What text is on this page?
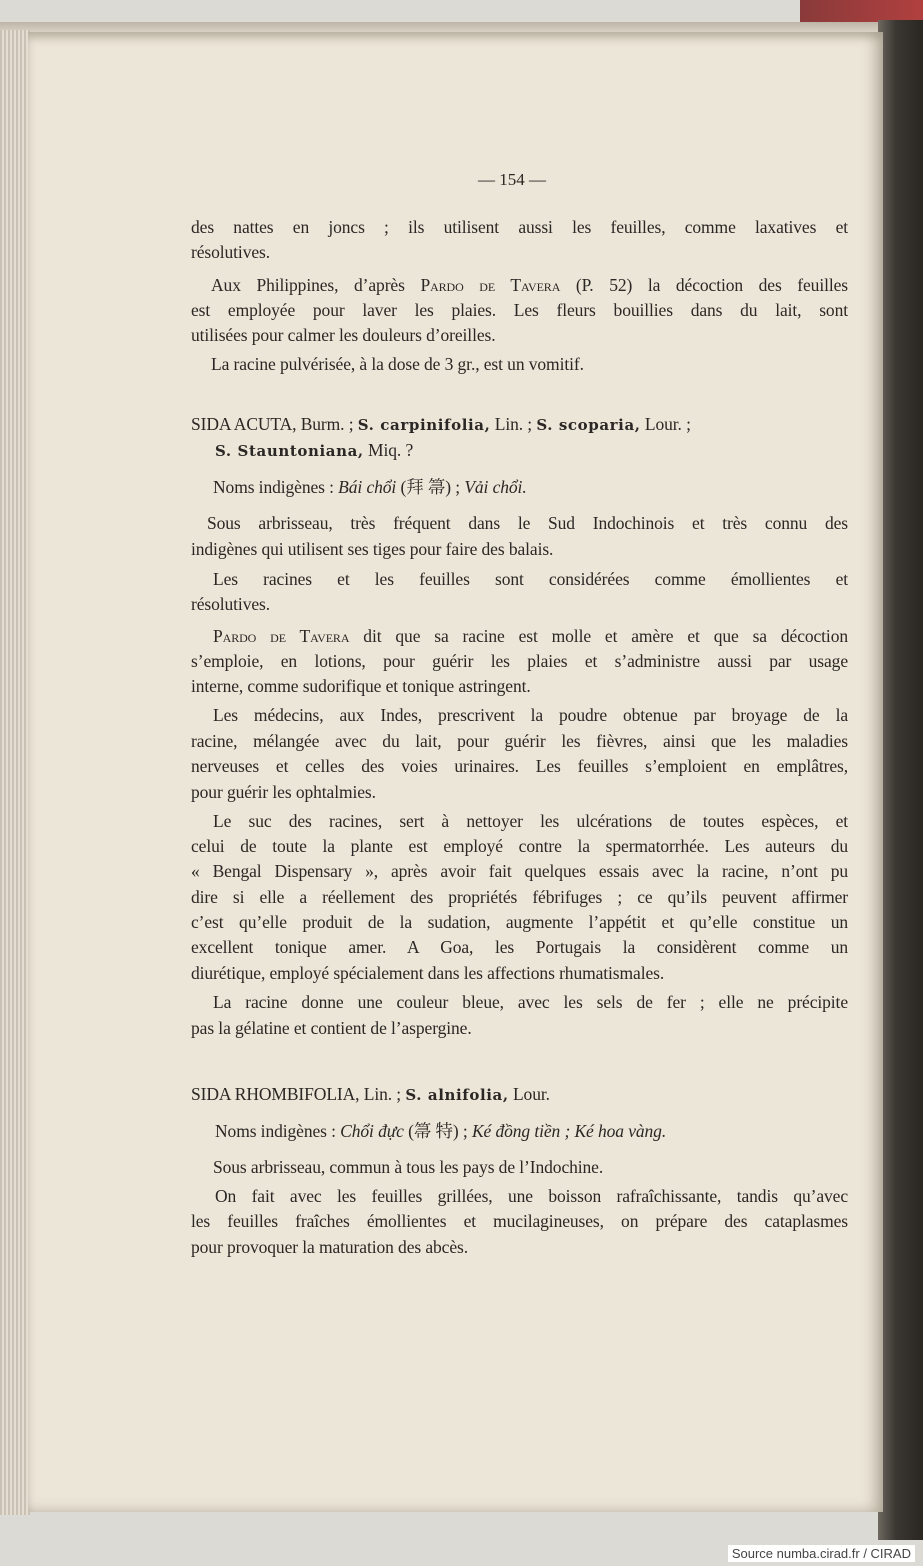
— 154 —
des nattes en joncs ; ils utilisent aussi les feuilles, comme laxatives et
résolutives.
Aux Philippines, d’après Pardo de Tavera (P. 52) la décoction des feuilles
est employée pour laver les plaies. Les fleurs bouillies dans du lait, sont
utilisées pour calmer les douleurs d’oreilles.
La racine pulvérisée, à la dose de 3 gr., est un vomitif.
SIDA ACUTA, Burm. ; S. carpinifolia, Lin. ; S. scoparia, Lour. ;
S. Stauntoniana, Miq. ?
Noms indigènes : Bái chổi (拜 箒) ; Vải chổi.
Sous arbrisseau, très fréquent dans le Sud Indochinois et très connu des
indigènes qui utilisent ses tiges pour faire des balais.
Les racines et les feuilles sont considérées comme émollientes et
résolutives.
Pardo de Tavera dit que sa racine est molle et amère et que sa décoction
s’emploie, en lotions, pour guérir les plaies et s’administre aussi par usage
interne, comme sudorifique et tonique astringent.
Les médecins, aux Indes, prescrivent la poudre obtenue par broyage de la
racine, mélangée avec du lait, pour guérir les fièvres, ainsi que les maladies
nerveuses et celles des voies urinaires. Les feuilles s’emploient en emplâtres,
pour guérir les ophtalmies.
Le suc des racines, sert à nettoyer les ulcérations de toutes espèces, et
celui de toute la plante est employé contre la spermatorrhée. Les auteurs du
« Bengal Dispensary », après avoir fait quelques essais avec la racine, n’ont pu
dire si elle a réellement des propriétés fébrifuges ; ce qu’ils peuvent affirmer
c’est qu’elle produit de la sudation, augmente l’appétit et qu’elle constitue un
excellent tonique amer. A Goa, les Portugais la considèrent comme un
diurétique, employé spécialement dans les affections rhumatismales.
La racine donne une couleur bleue, avec les sels de fer ; elle ne précipite
pas la gélatine et contient de l’aspergine.
SIDA RHOMBIFOLIA, Lin. ; S. alnifolia, Lour.
Noms indigènes : Chổi đực (箒 特) ; Ké đồng tiền ; Ké hoa vàng.
Sous arbrisseau, commun à tous les pays de l’Indochine.
On fait avec les feuilles grillées, une boisson rafraîchissante, tandis qu’avec
les feuilles fraîches émollientes et mucilagineuses, on prépare des cataplasmes
pour provoquer la maturation des abcès.
Source numba.cirad.fr / CIRAD
